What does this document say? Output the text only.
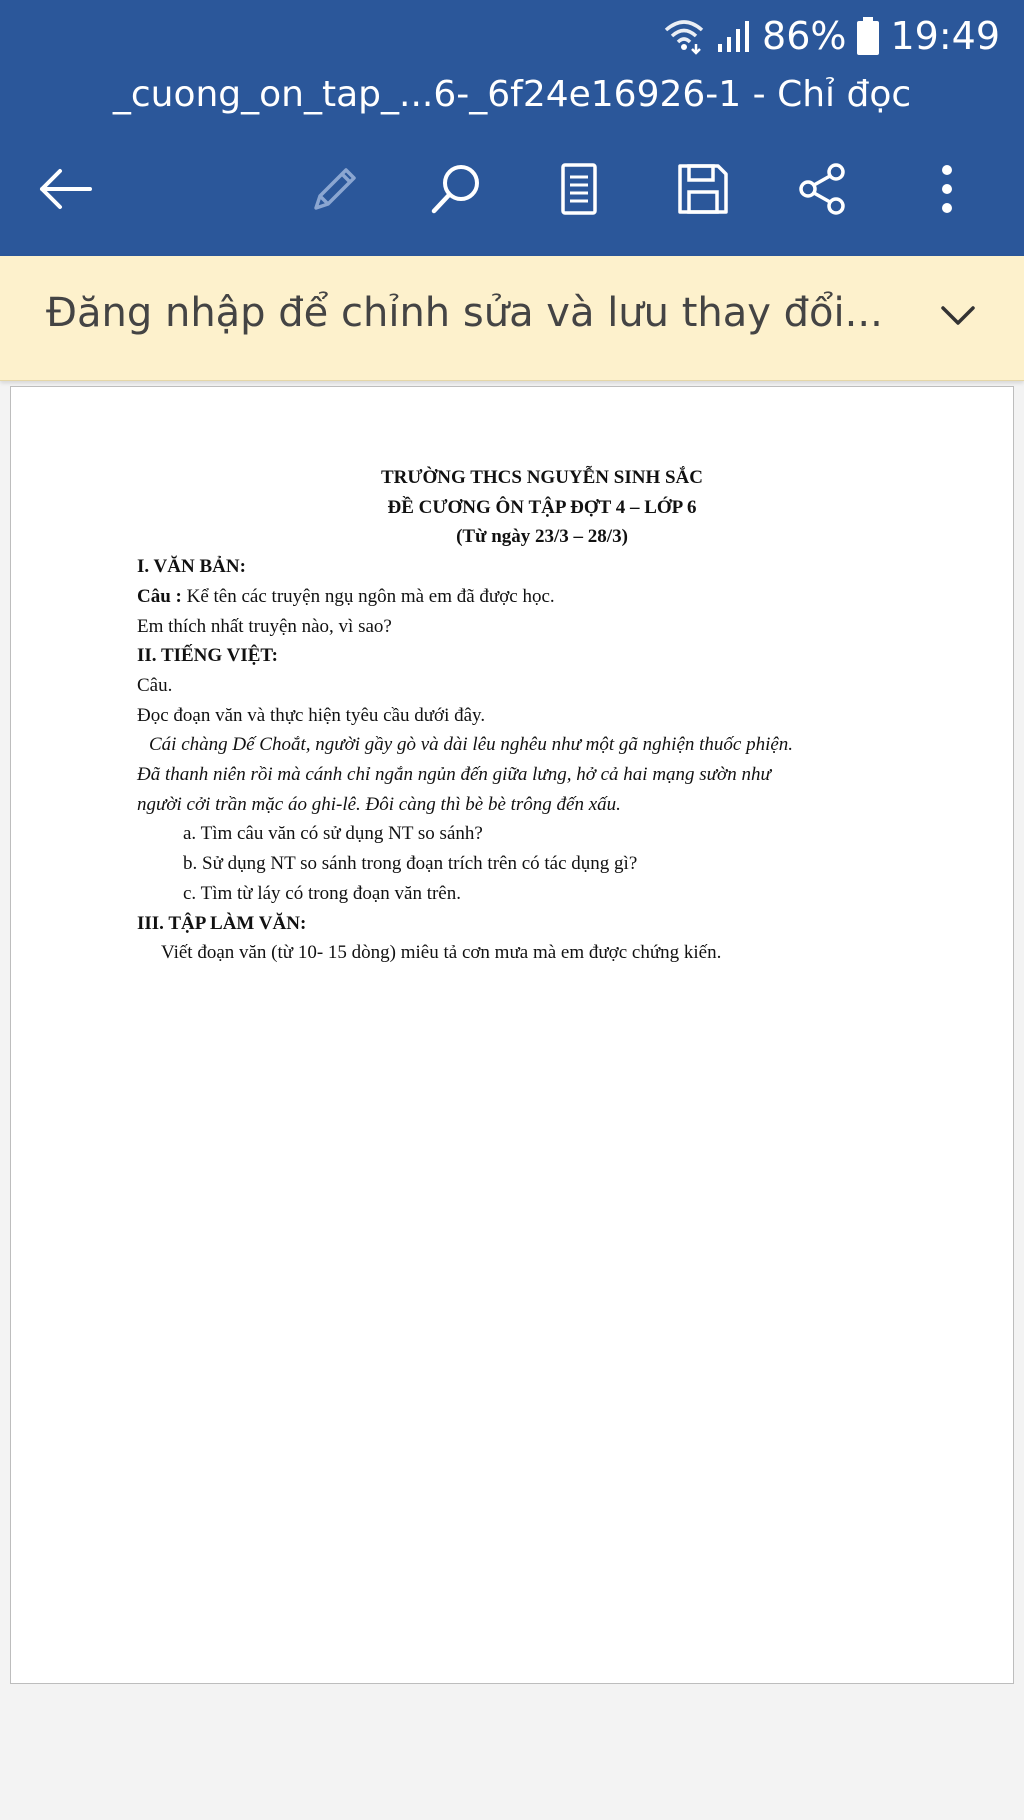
86% 19:49
_cuong_on_tap_...6-_6f24e16926-1 - Chỉ đọc
Đăng nhập để chỉnh sửa và lưu thay đổi...

TRƯỜNG THCS NGUYỄN SINH SẮC

ĐỀ CƯƠNG ÔN TẬP ĐỢT 4 – LỚP 6

(Từ ngày 23/3 – 28/3)

I. VĂN BẢN:

Câu : Kể tên các truyện ngụ ngôn mà em đã được học.

Em thích nhất truyện nào, vì sao?

II. TIẾNG VIỆT:

Câu.

Đọc đoạn văn và thực hiện tyêu cầu dưới đây.

Cái chàng Dế Choắt, người gầy gò và dài lêu nghêu như một gã nghiện thuốc phiện.

Đã thanh niên rồi mà cánh chỉ ngắn ngủn đến giữa lưng, hở cả hai mạng sườn như

người cởi trần mặc áo ghi-lê. Đôi càng thì bè bè trông đến xấu.

a. Tìm câu văn có sử dụng NT so sánh?

b. Sử dụng NT so sánh trong đoạn trích trên có tác dụng gì?

c. Tìm từ láy có trong đoạn văn trên.

III. TẬP LÀM VĂN:

Viết đoạn văn (từ 10- 15 dòng) miêu tả cơn mưa mà em được chứng kiến.
